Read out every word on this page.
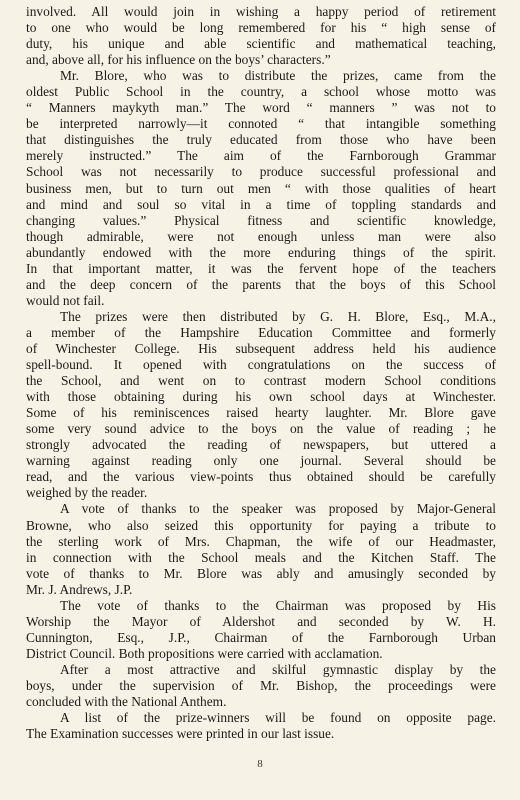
involved. All would join in wishing a happy period of retirement
to one who would be long remembered for his “ high sense of
duty, his unique and able scientific and mathematical teaching,
and, above all, for his influence on the boys’ characters.”
Mr. Blore, who was to distribute the prizes, came from the
oldest Public School in the country, a school whose motto was
“ Manners maykyth man.” The word “ manners ” was not to
be interpreted narrowly—it connoted “ that intangible something
that distinguishes the truly educated from those who have been
merely instructed.” The aim of the Farnborough Grammar
School was not necessarily to produce successful professional and
business men, but to turn out men “ with those qualities of heart
and mind and soul so vital in a time of toppling standards and
changing values.” Physical fitness and scientific knowledge,
though admirable, were not enough unless man were also
abundantly endowed with the more enduring things of the spirit.
In that important matter, it was the fervent hope of the teachers
and the deep concern of the parents that the boys of this School
would not fail.
The prizes were then distributed by G. H. Blore, Esq., M.A.,
a member of the Hampshire Education Committee and formerly
of Winchester College. His subsequent address held his audience
spell-bound. It opened with congratulations on the success of
the School, and went on to contrast modern School conditions
with those obtaining during his own school days at Winchester.
Some of his reminiscences raised hearty laughter. Mr. Blore gave
some very sound advice to the boys on the value of reading ; he
strongly advocated the reading of newspapers, but uttered a
warning against reading only one journal. Several should be
read, and the various view-points thus obtained should be carefully
weighed by the reader.
A vote of thanks to the speaker was proposed by Major-General
Browne, who also seized this opportunity for paying a tribute to
the sterling work of Mrs. Chapman, the wife of our Headmaster,
in connection with the School meals and the Kitchen Staff. The
vote of thanks to Mr. Blore was ably and amusingly seconded by
Mr. J. Andrews, J.P.
The vote of thanks to the Chairman was proposed by His
Worship the Mayor of Aldershot and seconded by W. H.
Cunnington, Esq., J.P., Chairman of the Farnborough Urban
District Council. Both propositions were carried with acclamation.
After a most attractive and skilful gymnastic display by the
boys, under the supervision of Mr. Bishop, the proceedings were
concluded with the National Anthem.
A list of the prize-winners will be found on opposite page.
The Examination successes were printed in our last issue.
8
